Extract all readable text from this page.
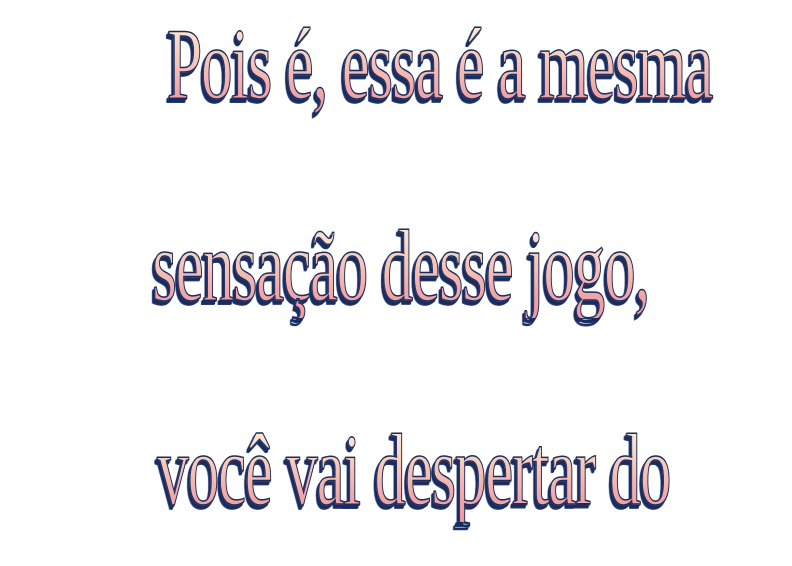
Pois é, essa é a mesma
sensação desse jogo,
você vai despertar do
